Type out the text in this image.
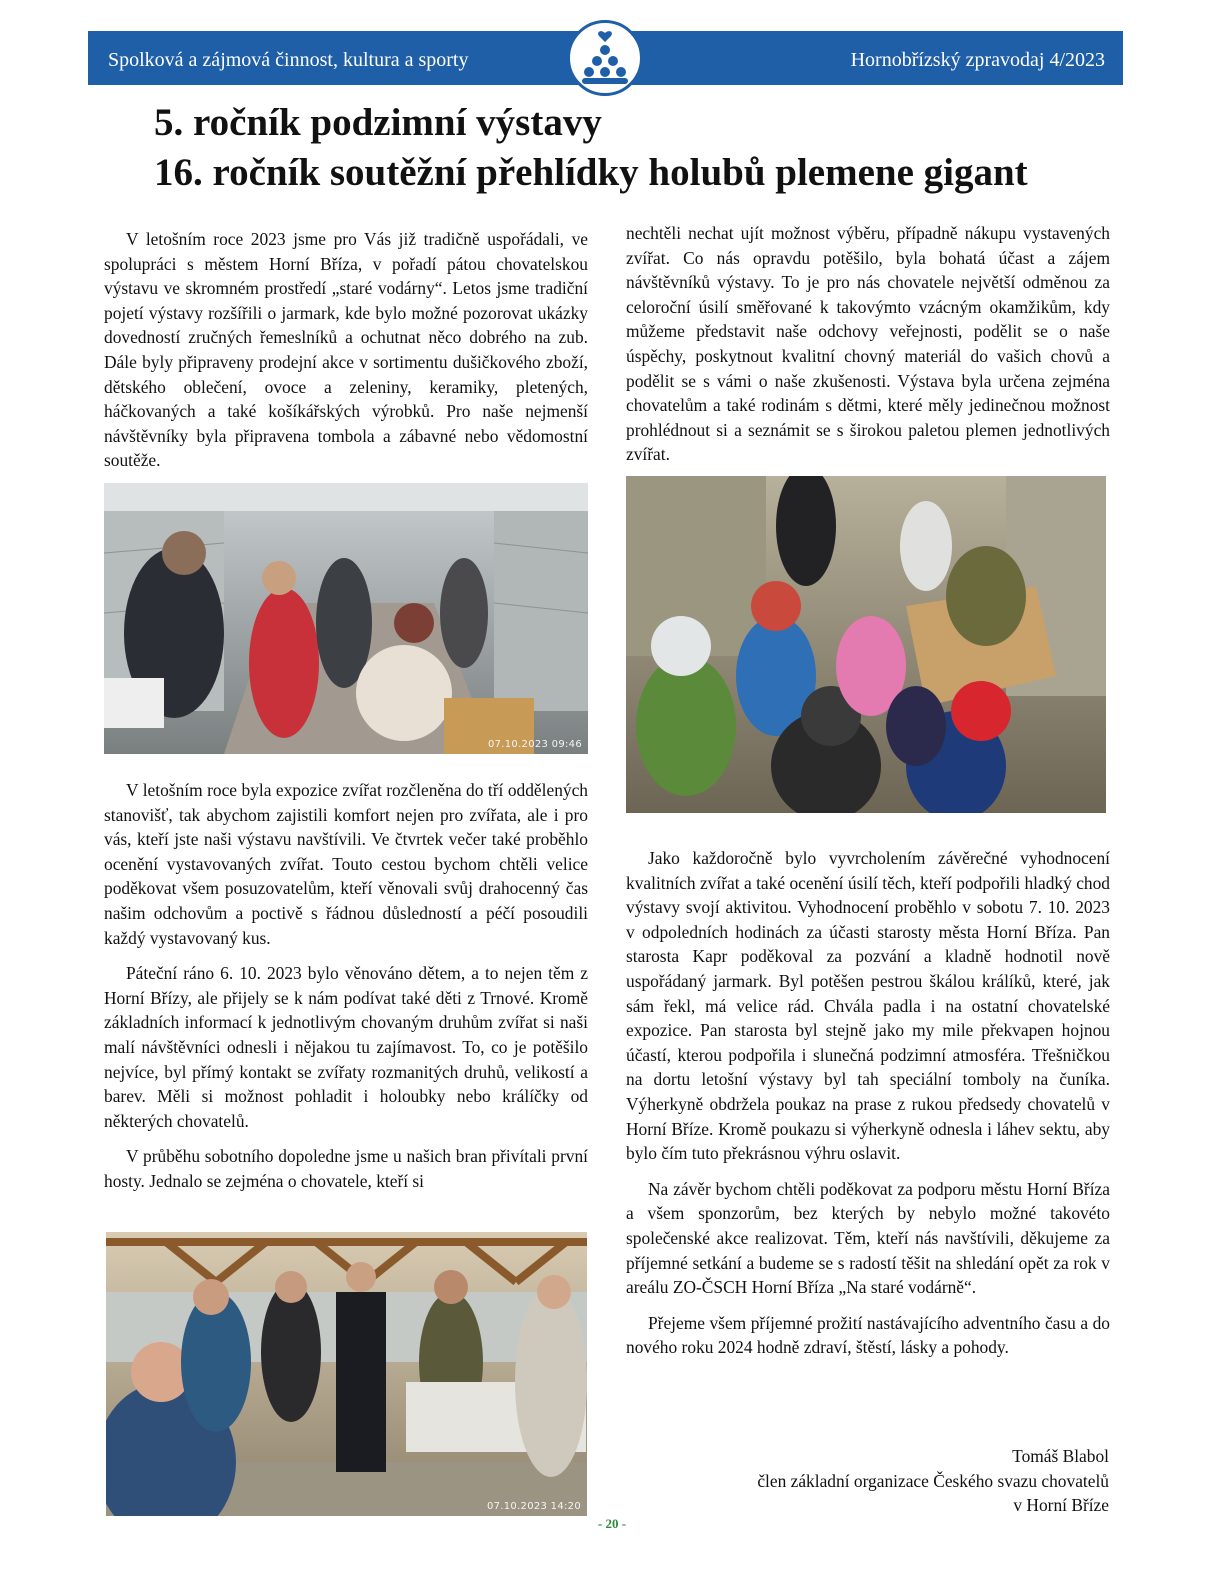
Spolková a zájmová činnost, kultura a sporty	Hornobřízský zpravodaj 4/2023
5. ročník podzimní výstavy
16. ročník soutěžní přehlídky holubů plemene gigant

V letošním roce 2023 jsme pro Vás již tradičně uspořádali, ve spolupráci s městem Horní Bříza, v pořadí pátou chovatelskou výstavu ve skromném prostředí „staré vodárny“. Letos jsme tradiční pojetí výstavy rozšířili o jarmark, kde bylo možné pozorovat ukázky dovedností zručných řemeslníků a ochutnat něco dobrého na zub. Dále byly připraveny prodejní akce v sortimentu dušičkového zboží, dětského oblečení, ovoce a zeleniny, keramiky, pletených, háčkovaných a také košíkářských výrobků. Pro naše nejmenší návštěvníky byla připravena tombola a zábavné nebo vědomostní soutěže.

07.10.2023 09:46

V letošním roce byla expozice zvířat rozčleněna do tří oddělených stanovišť, tak abychom zajistili komfort nejen pro zvířata, ale i pro vás, kteří jste naši výstavu navštívili. Ve čtvrtek večer také proběhlo ocenění vystavovaných zvířat. Touto cestou bychom chtěli velice poděkovat všem posuzovatelům, kteří věnovali svůj drahocenný čas našim odchovům a poctivě s řádnou důsledností a péčí posoudili každý vystavovaný kus.

Páteční ráno 6. 10. 2023 bylo věnováno dětem, a to nejen těm z Horní Břízy, ale přijely se k nám podívat také děti z Trnové. Kromě základních informací k jednotlivým chovaným druhům zvířat si naši malí návštěvníci odnesli i nějakou tu zajímavost. To, co je potěšilo nejvíce, byl přímý kontakt se zvířaty rozmanitých druhů, velikostí a barev. Měli si možnost pohladit i holoubky nebo králíčky od některých chovatelů.

V průběhu sobotního dopoledne jsme u našich bran přivítali první hosty. Jednalo se zejména o chovatele, kteří si

07.10.2023 14:20

nechtěli nechat ujít možnost výběru, případně nákupu vystavených zvířat. Co nás opravdu potěšilo, byla bohatá účast a zájem návštěvníků výstavy. To je pro nás chovatele největší odměnou za celoroční úsilí směřované k takovýmto vzácným okamžikům, kdy můžeme představit naše odchovy veřejnosti, podělit se o naše úspěchy, poskytnout kvalitní chovný materiál do vašich chovů a podělit se s vámi o naše zkušenosti. Výstava byla určena zejména chovatelům a také rodinám s dětmi, které měly jedinečnou možnost prohlédnout si a seznámit se s širokou paletou plemen jednotlivých zvířat.

Jako každoročně bylo vyvrcholením závěrečné vyhodnocení kvalitních zvířat a také ocenění úsilí těch, kteří podpořili hladký chod výstavy svojí aktivitou. Vyhodnocení proběhlo v sobotu 7. 10. 2023 v odpoledních hodinách za účasti starosty města Horní Bříza. Pan starosta Kapr poděkoval za pozvání a kladně hodnotil nově uspořádaný jarmark. Byl potěšen pestrou škálou králíků, které, jak sám řekl, má velice rád. Chvála padla i na ostatní chovatelské expozice. Pan starosta byl stejně jako my mile překvapen hojnou účastí, kterou podpořila i slunečná podzimní atmosféra. Třešničkou na dortu letošní výstavy byl tah speciální tomboly na čuníka. Výherkyně obdržela poukaz na prase z rukou předsedy chovatelů v Horní Bříze. Kromě poukazu si výherkyně odnesla i láhev sektu, aby bylo čím tuto překrásnou výhru oslavit.

Na závěr bychom chtěli poděkovat za podporu městu Horní Bříza a všem sponzorům, bez kterých by nebylo možné takovéto společenské akce realizovat. Těm, kteří nás navštívili, děkujeme za příjemné setkání a budeme se s radostí těšit na shledání opět za rok v areálu ZO-ČSCH Horní Bříza „Na staré vodárně“.

Přejeme všem příjemné prožití nastávajícího adventního času a do nového roku 2024 hodně zdraví, štěstí, lásky a pohody.

Tomáš Blabol
člen základní organizace Českého svazu chovatelů
v Horní Bříze
- 20 -
